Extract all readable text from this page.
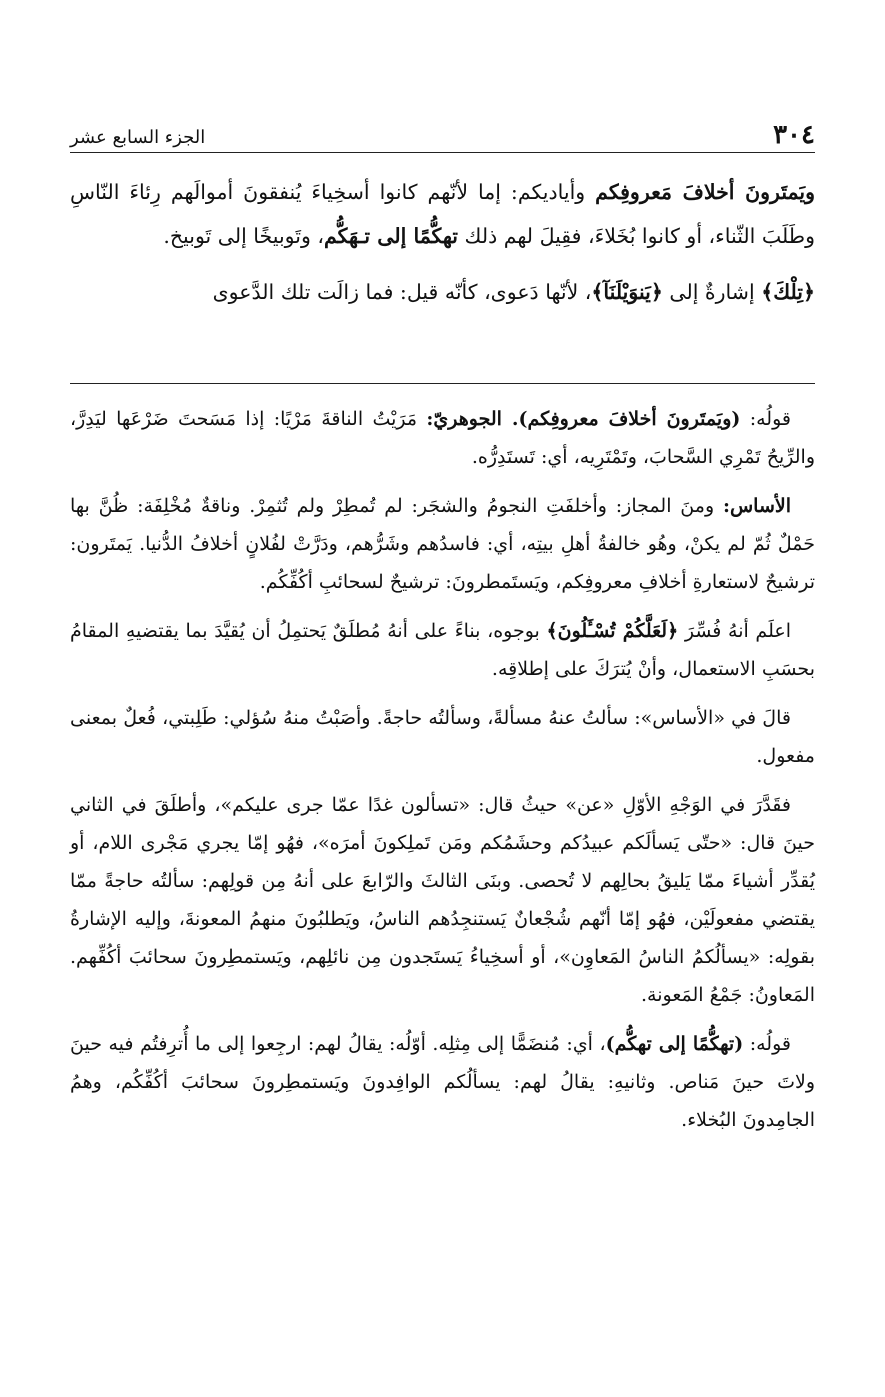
٣٠٤
الجزء السابع عشر

ويَمتَرونَ أخلافَ مَعروفِكم وأياديكم: إما لأنّهم كانوا أسخِياءَ يُنفقونَ أموالَهم رِئاءَ النّاسِ وطَلَبَ الثّناء، أو كانوا بُخَلاءَ، فقِيلَ لهم ذلك تهكُّمًا إلى تـهَكُّم، وتَوبيخًا إلى تَوبيخ.

﴿تِلْكَ﴾ إشارةٌ إلى ﴿يَنوَيْلَنَآ﴾، لأنّها دَعوى، كأنّه قيل: فما زالَت تلك الدَّعوى

قولُه: (ويَمتَرونَ أخلافَ معروفِكم). الجوهريّ: مَرَيْتُ الناقةَ مَرْيًا: إذا مَسَحتَ ضَرْعَها ليَدِرَّ، والرِّيحُ تَمْرِي السَّحابَ، وتَمْتَرِيه، أي: تَستَدِرُّه.

الأساس: ومنَ المجاز: وأخلفَتِ النجومُ والشجَر: لم تُمطِرْ ولم تُثمِرْ. وناقةٌ مُخْلِفَة: ظُنَّ بها حَمْلٌ ثُمّ لم يكنْ، وهُو خالفةُ أهلِ بيتِه، أي: فاسدُهم وشَرُّهم، ودَرَّتْ لفُلانٍ أخلافُ الدُّنيا. يَمتَرون: ترشيحٌ لاستعارةِ أخلافِ معروفِكم، ويَستَمطرونَ: ترشيحٌ لسحائبِ أكُفِّكُم.

اعلَم أنهُ فُسِّرَ ﴿لَعَلَّكُمْ تُسْـَٔلُونَ﴾ بوجوه، بناءً على أنهُ مُطلَقٌ يَحتمِلُ أن يُقيَّدَ بما يقتضيهِ المقامُ بحسَبِ الاستعمال، وأنْ يُترَكَ على إطلاقِه.

قالَ في «الأساس»: سألتُ عنهُ مسألةً، وسألتُه حاجةً. وأصَبْتُ منهُ سُؤلي: طَلِبتي، فُعلٌ بمعنى مفعول.

فقَدَّرَ في الوَجْهِ الأوّلِ «عن» حيثُ قال: «تسألون غدًا عمّا جرى عليكم»، وأطلَقَ في الثاني حينَ قال: «حتّى يَسألَكم عبيدُكم وحشَمُكم ومَن تَملِكونَ أمرَه»، فهُو إمّا يجري مَجْرى اللام، أو يُقدِّر أشياءَ ممّا يَليقُ بحالِهم لا تُحصى. وبنَى الثالثَ والرّابعَ على أنهُ مِن قولِهم: سألتُه حاجةً ممّا يقتضي مفعولَيْن، فهُو إمّا أنّهم شُجْعانٌ يَستنجِدُهم الناسُ، ويَطلبُونَ منهمُ المعونةَ، وإليه الإشارةُ بقولِه: «يسألُكمُ الناسُ المَعاوِن»، أو أسخِياءُ يَستَجدون مِن نائلِهم، ويَستمطِرونَ سحائبَ أكُفِّهم. المَعاونُ: جَمْعُ المَعونة.

قولُه: (تهكُّمًا إلى تهكُّم)، أي: مُنضَمًّا إلى مِثلِه. أوّلُه: يقالُ لهم: ارجِعوا إلى ما أُترِفتُم فيه حينَ ولاتَ حينَ مَناص. وثانيهِ: يقالُ لهم: يسألُكم الوافِدونَ ويَستمطِرونَ سحائبَ أكُفِّكُم، وهمُ الجامِدونَ البُخلاء.
